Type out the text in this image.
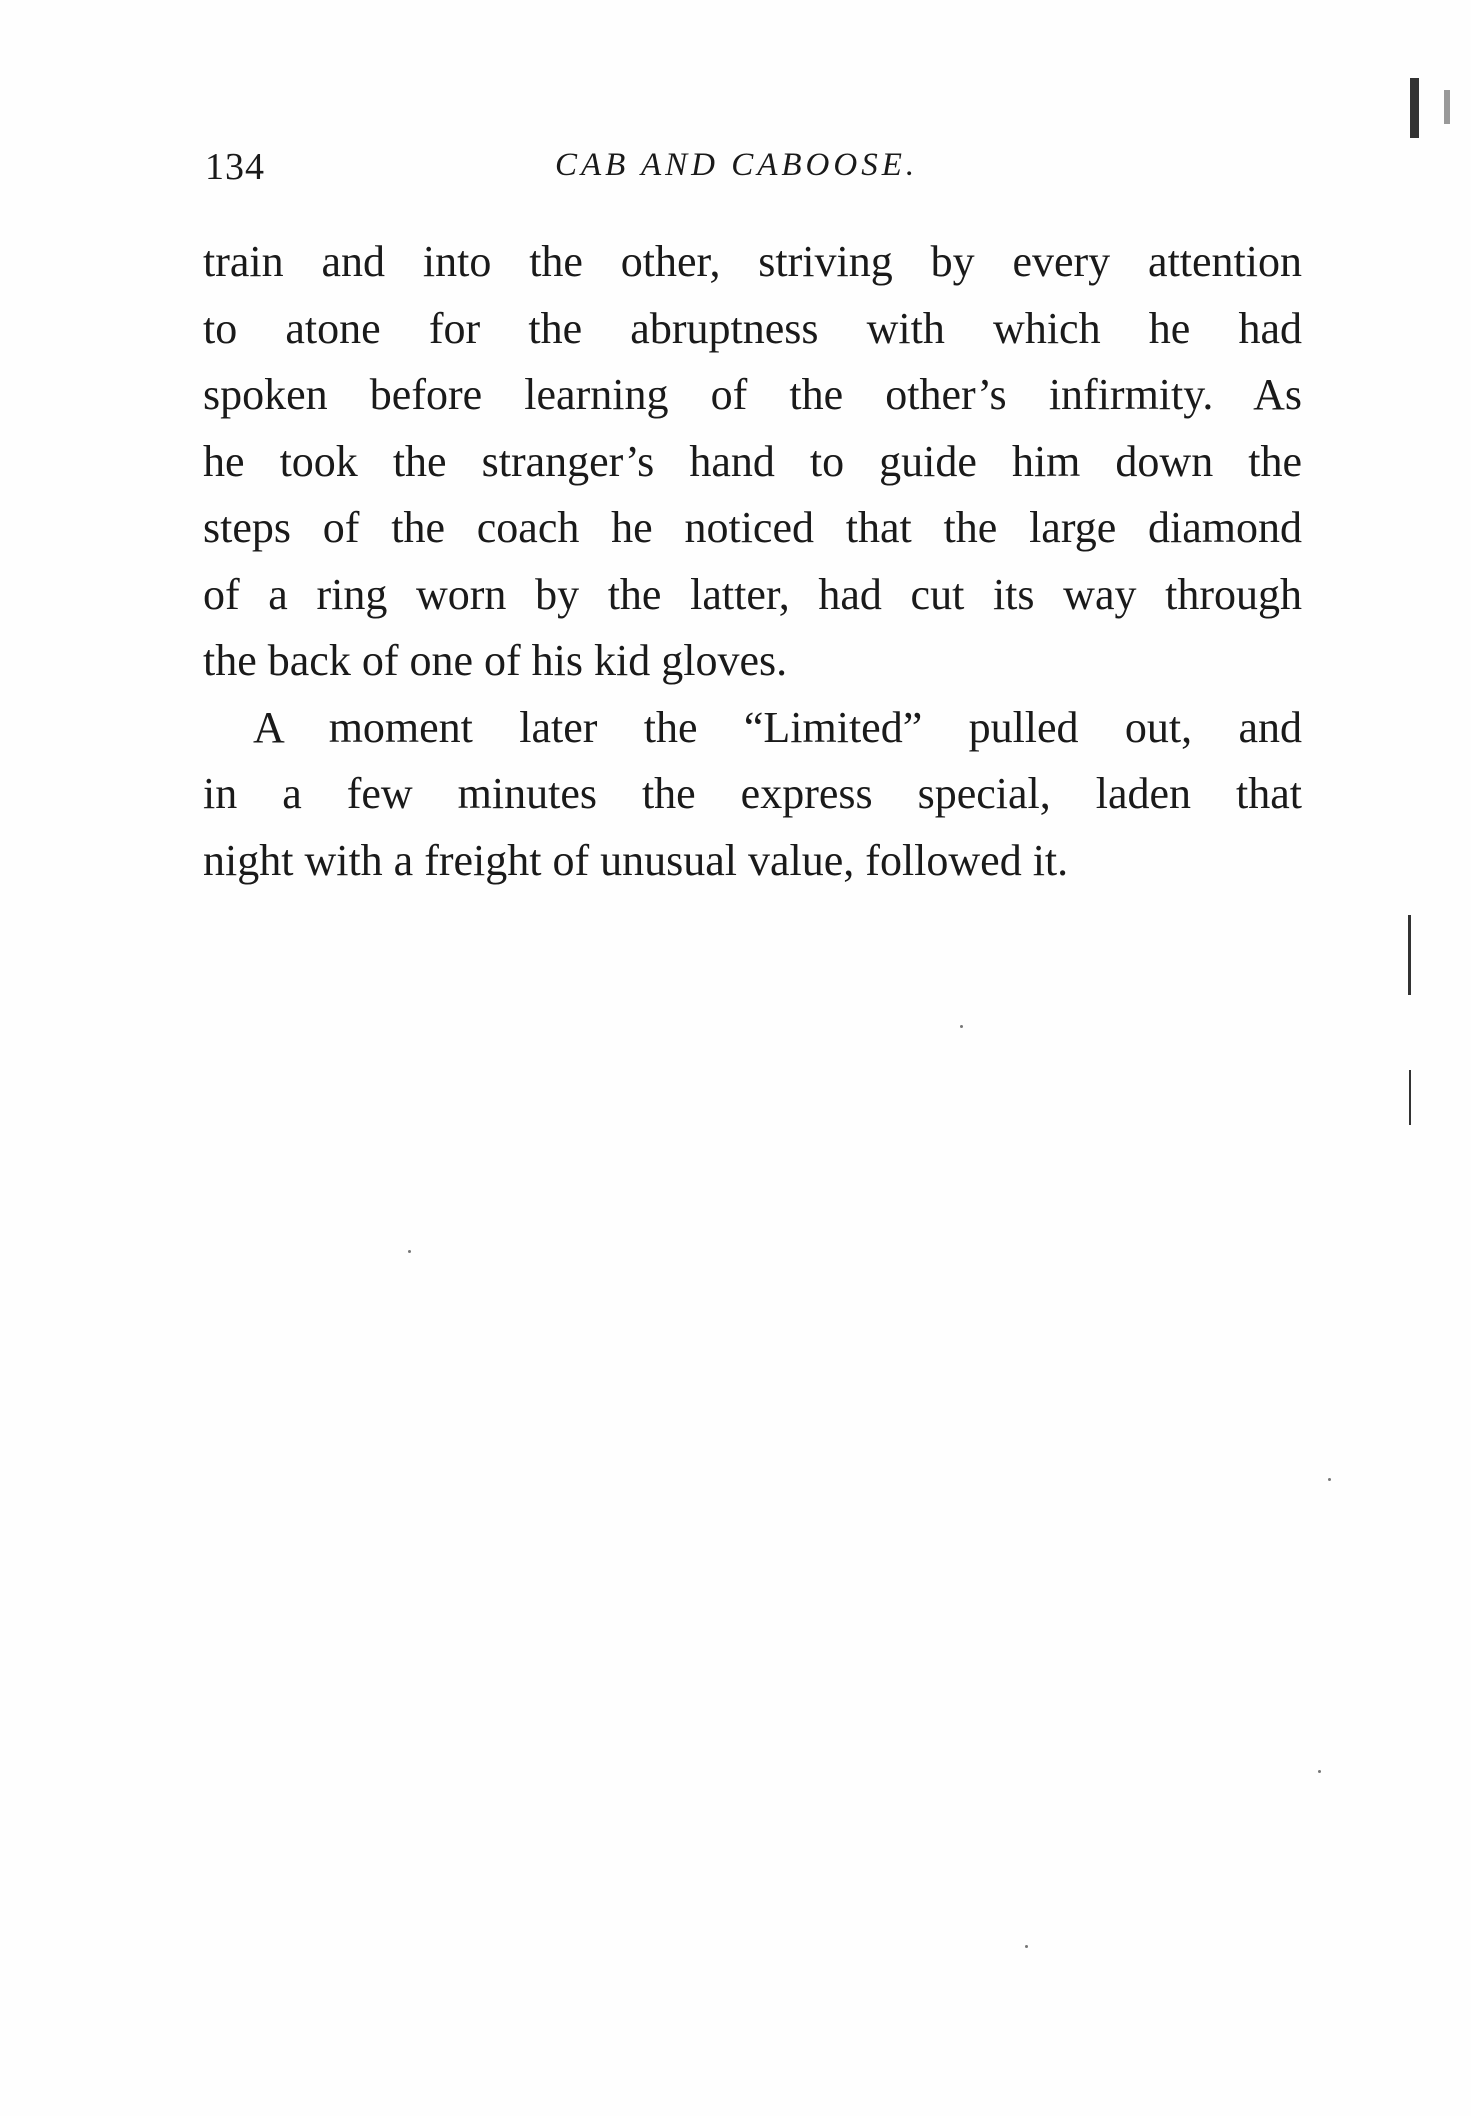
134	CAB AND CABOOSE.

train and into the other, striving by every attention
to atone for the abruptness with which he had
spoken before learning of the other’s infirmity. As
he took the stranger’s hand to guide him down the
steps of the coach he noticed that the large diamond
of a ring worn by the latter, had cut its way through
the back of one of his kid gloves.

A moment later the “Limited” pulled out, and
in a few minutes the express special, laden that
night with a freight of unusual value, followed it.
